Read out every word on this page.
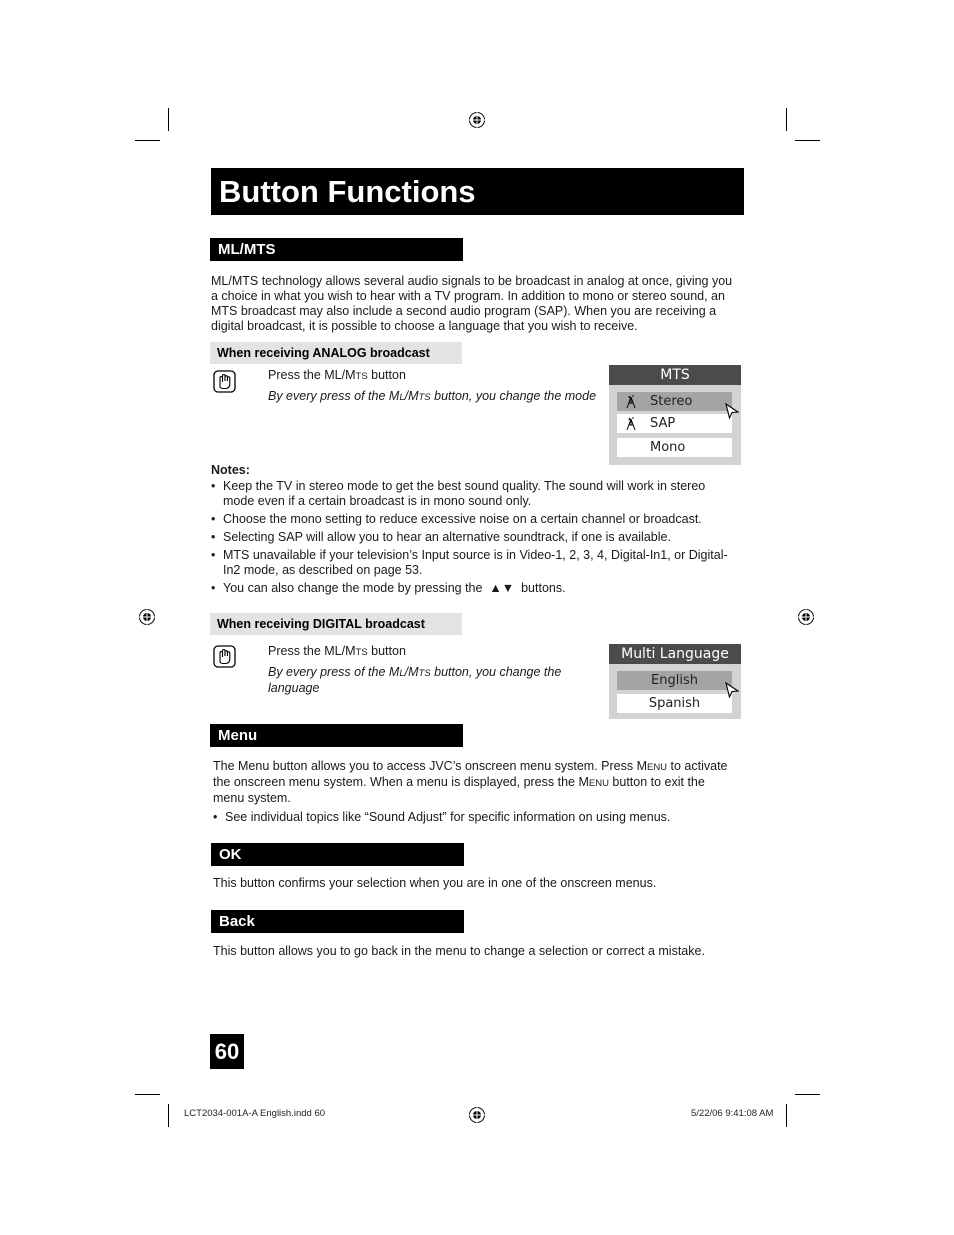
Button Functions
ML/MTS
ML/MTS technology allows several audio signals to be broadcast in analog at once, giving you a choice in what you wish to hear with a TV program. In addition to mono or stereo sound, an MTS broadcast may also include a second audio program (SAP). When you are receiving a digital broadcast, it is possible to choose a language that you wish to receive.
When receiving ANALOG broadcast
Press the ML/MTS button
By every press of the ML/MTS button, you change the mode
MTS
Stereo
SAP
Mono
Notes:
• Keep the TV in stereo mode to get the best sound quality. The sound will work in stereo mode even if a certain broadcast is in mono sound only.
• Choose the mono setting to reduce excessive noise on a certain channel or broadcast.
• Selecting SAP will allow you to hear an alternative soundtrack, if one is available.
• MTS unavailable if your television’s Input source is in Video-1, 2, 3, 4, Digital-In1, or Digital-In2 mode, as described on page 53.
• You can also change the mode by pressing the ▲▼ buttons.
When receiving DIGITAL broadcast
Press the ML/MTS button
By every press of the ML/MTS button, you change the language
Multi Language
English
Spanish
Menu
The Menu button allows you to access JVC’s onscreen menu system. Press MENU to activate the onscreen menu system. When a menu is displayed, press the MENU button to exit the menu system.
• See individual topics like “Sound Adjust” for specific information on using menus.
OK
This button confirms your selection when you are in one of the onscreen menus.
Back
This button allows you to go back in the menu to change a selection or correct a mistake.
60
LCT2034-001A-A English.indd 60	5/22/06 9:41:08 AM
